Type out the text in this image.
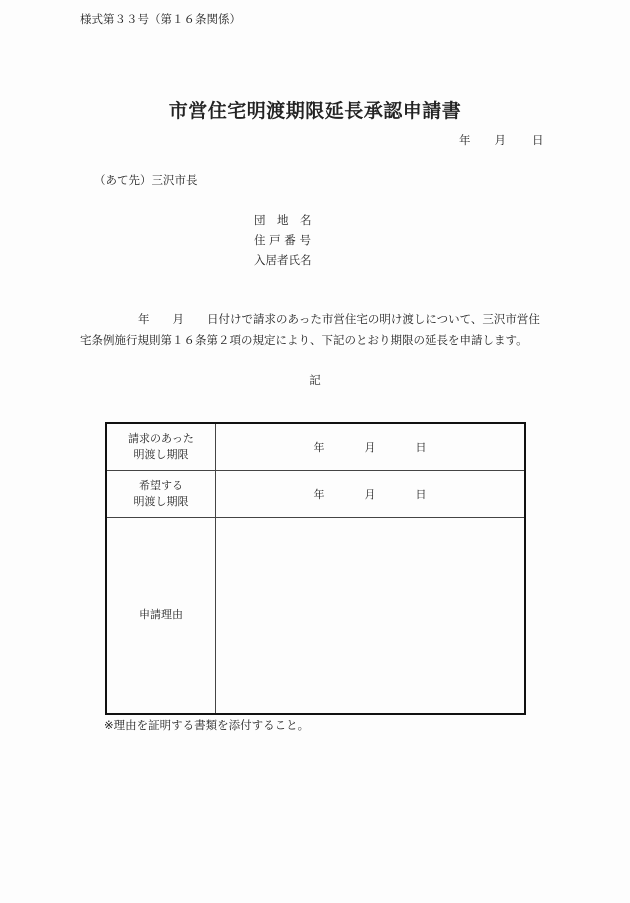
様式第３３号（第１６条関係）
市営住宅明渡期限延長承認申請書
年 月 日
（あて先）三沢市長
団　地　名
住 戸 番 号
入居者氏名
年　　月　　日付けで請求のあった市営住宅の明け渡しについて、三沢市営住
宅条例施行規則第１６条第２項の規定により、下記のとおり期限の延長を申請します。
記
請求のあった
明渡し期限	年 月 日

希望する
明渡し期限	年 月 日
申請理由	
※理由を証明する書類を添付すること。
